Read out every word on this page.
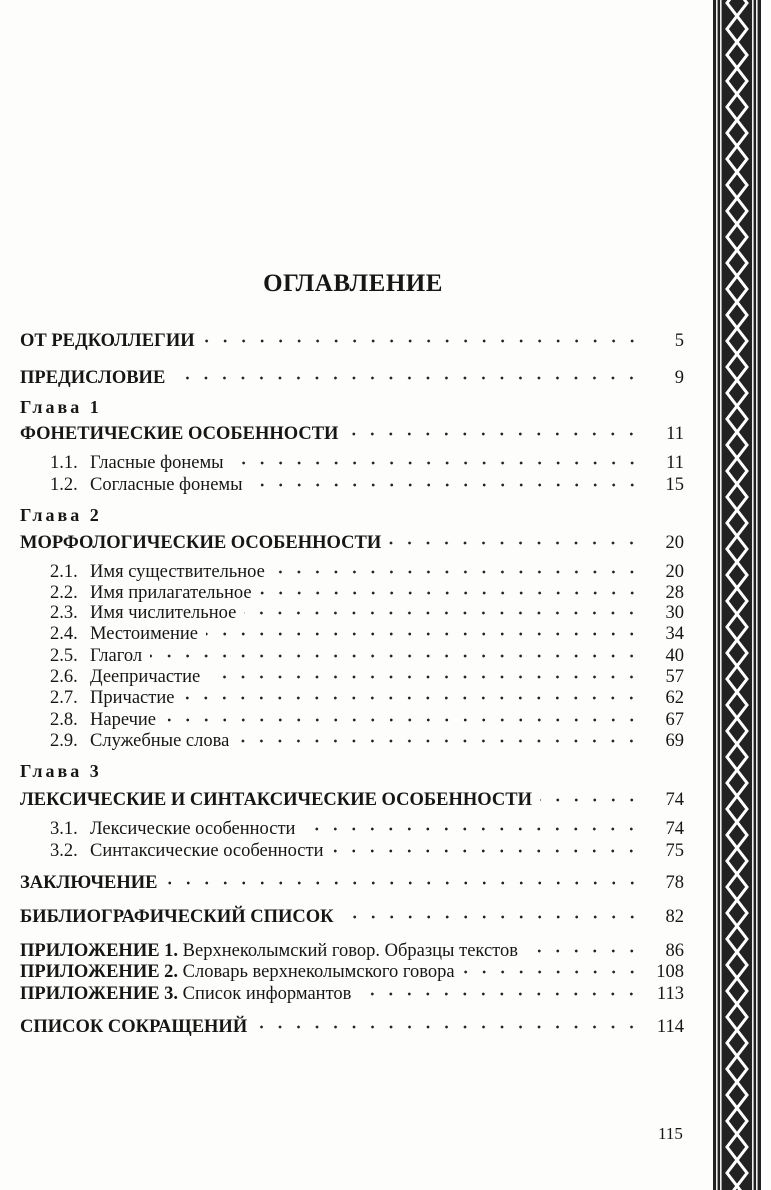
ОГЛАВЛЕНИЕ
ОТ РЕДКОЛЛЕГИИ	5
ПРЕДИСЛОВИЕ	9
Глава 1
ФОНЕТИЧЕСКИЕ ОСОБЕННОСТИ	11
1.1. Гласные фонемы	11
1.2. Согласные фонемы	15
Глава 2
МОРФОЛОГИЧЕСКИЕ ОСОБЕННОСТИ	20
2.1. Имя существительное	20
2.2. Имя прилагательное	28
2.3. Имя числительное	30
2.4. Местоимение	34
2.5. Глагол	40
2.6. Деепричастие	57
2.7. Причастие	62
2.8. Наречие	67
2.9. Служебные слова	69
Глава 3
ЛЕКСИЧЕСКИЕ И СИНТАКСИЧЕСКИЕ ОСОБЕННОСТИ	74
3.1. Лексические особенности	74
3.2. Синтаксические особенности	75
ЗАКЛЮЧЕНИЕ	78
БИБЛИОГРАФИЧЕСКИЙ СПИСОК	82
ПРИЛОЖЕНИЕ 1. Верхнеколымский говор. Образцы текстов	86
ПРИЛОЖЕНИЕ 2. Словарь верхнеколымского говора	108
ПРИЛОЖЕНИЕ 3. Список информантов	113
СПИСОК СОКРАЩЕНИЙ	114
115
